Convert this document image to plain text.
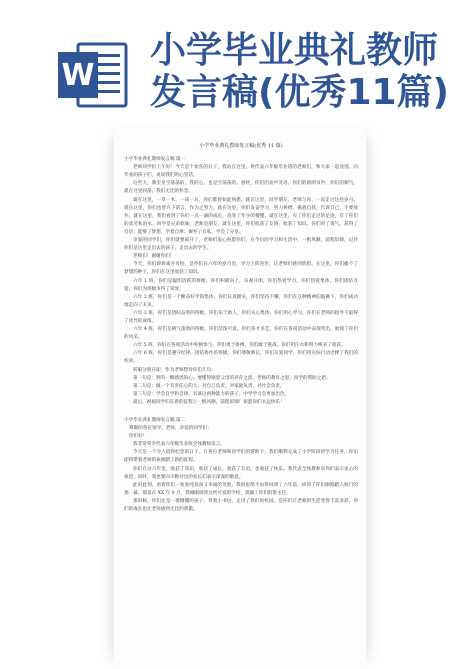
W
小学毕业典礼教师
发言稿(优秀11篇)
小学毕业典礼教师发言稿(优秀 11 篇)
小学毕业典礼教师发言稿 篇一
老师同学们上午好！今天是个欢喜的日子，我站在这里，将代表六年级毕业班的老师们，和大家一起送别，向毕业的孩子们，说说我们的心里话。
这些天，教室里空荡荡的，我的心，也是空荡荡的。曾经，你们的欢声笑语，你们的朗朗书声，你们的朝气，就在这里回荡，我们无比的怀念。
就在这里，一草一木，一砖一瓦，你们都曾如此熟悉。就在这里，同学朋友，老师与你，一起走过这些岁月。就在这里，你们也曾许下诺言，作为之努力。就在这里，你们发奋学习，努力拼搏，挑战自我，告诉自己，不要放弃。就在这里，我们看到了你们一点一滴的成长，改变了年少的懵懂。就在这里，有了你们走过的足迹，有了你们的欢笑和泪水。同学是兄弟姐妹，老师是朋友，就在这里，你们收获了友情，收获了知识。你们用了勇气，获得了自信；能够了梦想，学着自律；摒弃了自私，学会了分享。
亲爱的同学们，你们就要离开了，老师们衷心祝愿你们，在今后的学习和生活中，一帆风顺，前程似锦，记住你们是这里走出去的孩子，走出去的学生。
老师们！谢谢你们！
今天，你们即将离开母校，是你们在六年的岁月里，学习上的进步，让老师们感到欣慰。在这里，你们播下了梦想的种子，你们在这里收获了知识。
六年 1 班，你们是聪明活跃的班级，你们积极向上，乐观开朗，你们热爱学习，你们热爱集体，你们团结友爱，你们为班级争得了荣誉。
六年 2 班，你们是一个勤奋好学的集体，你们认真踏实，你们坚持不懈，你们在这种精神的鼓舞下，你们成功地走向了未来。
六年 3 班，你们是团结奋进的班级，你们乐于助人，你们关心集体，你们用心学习，你们在老师的指导下取得了优异的成绩。
六年 4 班，你们是朝气蓬勃的班级，你们活泼可爱，你们多才多艺，你们在各项活动中表现突出，展现了你们的风采。
六年 5 班，你们在各项活动中积极参与，你们勇于拼搏，你们敢于挑战，你们用汗水和努力换来了收获。
六年 6 班，你们是遵守纪律、团结协作的班级，你们尊敬师长，你们友爱同学，你们用实际行动诠释了我们的校训。
转眼分别在即，作为老师想对你们几句：
第一句是：拥有一颗感恩的心。要懂得感恩父母的养育之恩，老师的教育之恩，同学的帮助之恩。
第二句是：做一个有责任心的人，对自己负责，对家庭负责，对社会负责。
第三句是：学会自学和自律，具备这两种能力的孩子，中学学习会更加出色。
最后，祝福同学们在新的征程上一帆风顺，前程似锦！祝愿你们永远快乐！
小学毕业典礼教师发言稿 篇二
尊敬的各位领导、老师，亲爱的同学们：
你们好！
我非常荣幸代表六年级毕业班全体教师发言。
今天是一个令人值得纪念的日子，在各位老师和同学们的帮助下，我们顺利完成了小学阶段的学习任务，你们即将带着老师的祝福踏上新的征程。
你们在这六年里，收获了知识，收获了成长，收获了友谊，也收获了快乐。我代表全体教师向你们表示衷心的祝贺，同时，我也要向辛勤付出的家长们表示深深的敬意。
此时此刻，看着你们一张张纯真而又幸福的笑脸，我的思绪不由得回到了六年前，回到了你们刚刚踏入校门的那一幕。那是在 XX 年 9 月，我刚刚调到这所可爱的学校，就做了你们的班主任。
那时候，你们还是一群懵懂的孩子，背着小书包，走进了我们的校园。是你们让老师的生活变得丰富多彩，你们的成长也让老师感到无比的骄傲。
